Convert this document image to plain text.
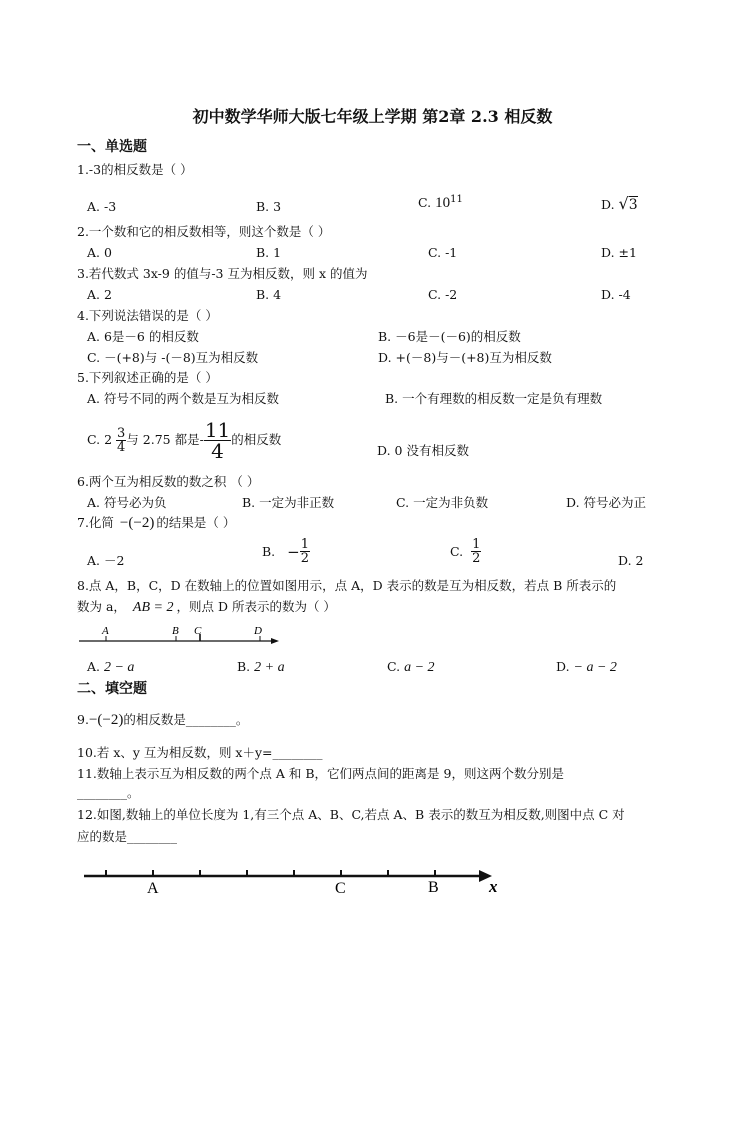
初中数学华师大版七年级上学期 第2章 2.3 相反数
一、单选题
1.-3的相反数是（ ）
A. -3	B. 3	C. $10^{11}$	D. √3
2.一个数和它的相反数相等，则这个数是（ ）
A. 0	B. 1	C. -1	D. ±1
3.若代数式 3x-9 的值与-3 互为相反数，则 x 的值为
A. 2	B. 4	C. -2	D. -4
4.下列说法错误的是（ ）
A. 6是－6 的相反数	B. －6是－(－6)的相反数
C. －(+8)与 -(－8)互为相反数	D. +(－8)与－(+8)互为相反数
5.下列叙述正确的是（ ）
A. 符号不同的两个数是互为相反数	B. 一个有理数的相反数一定是负有理数
C. $2 \frac{3}{4}$ 与 2.75 都是- $\frac{11}{4}$ 的相反数
D. 0 没有相反数
6.两个互为相反数的数之积 （ ）
A. 符号必为负	B. 一定为非正数	C. 一定为非负数	D. 符号必为正
7.化简 −(−2) 的结果是（ ）
A. －2
B. − $\frac{1}{2}$	C. $\frac{1}{2}$	D. 2
8.点 A，B，C，D 在数轴上的位置如图用示，点 A，D 表示的数是互为相反数，若点 B 所表示的
数为 a， AB = 2 ，则点 D 所表示的数为（ ）
A	B C	D
A. 2 − a	B. 2 + a	C. a − 2	D. − a − 2
二、填空题
9.−(−2)的相反数是________。
10.若 x、y 互为相反数，则 x＋y=________
11.数轴上表示互为相反数的两个点 A 和 B，它们两点间的距离是 9，则这两个数分别是
________。
12.如图,数轴上的单位长度为 1,有三个点 A、B、C,若点 A、B 表示的数互为相反数,则图中点 C 对
应的数是________
A	C	B	x
